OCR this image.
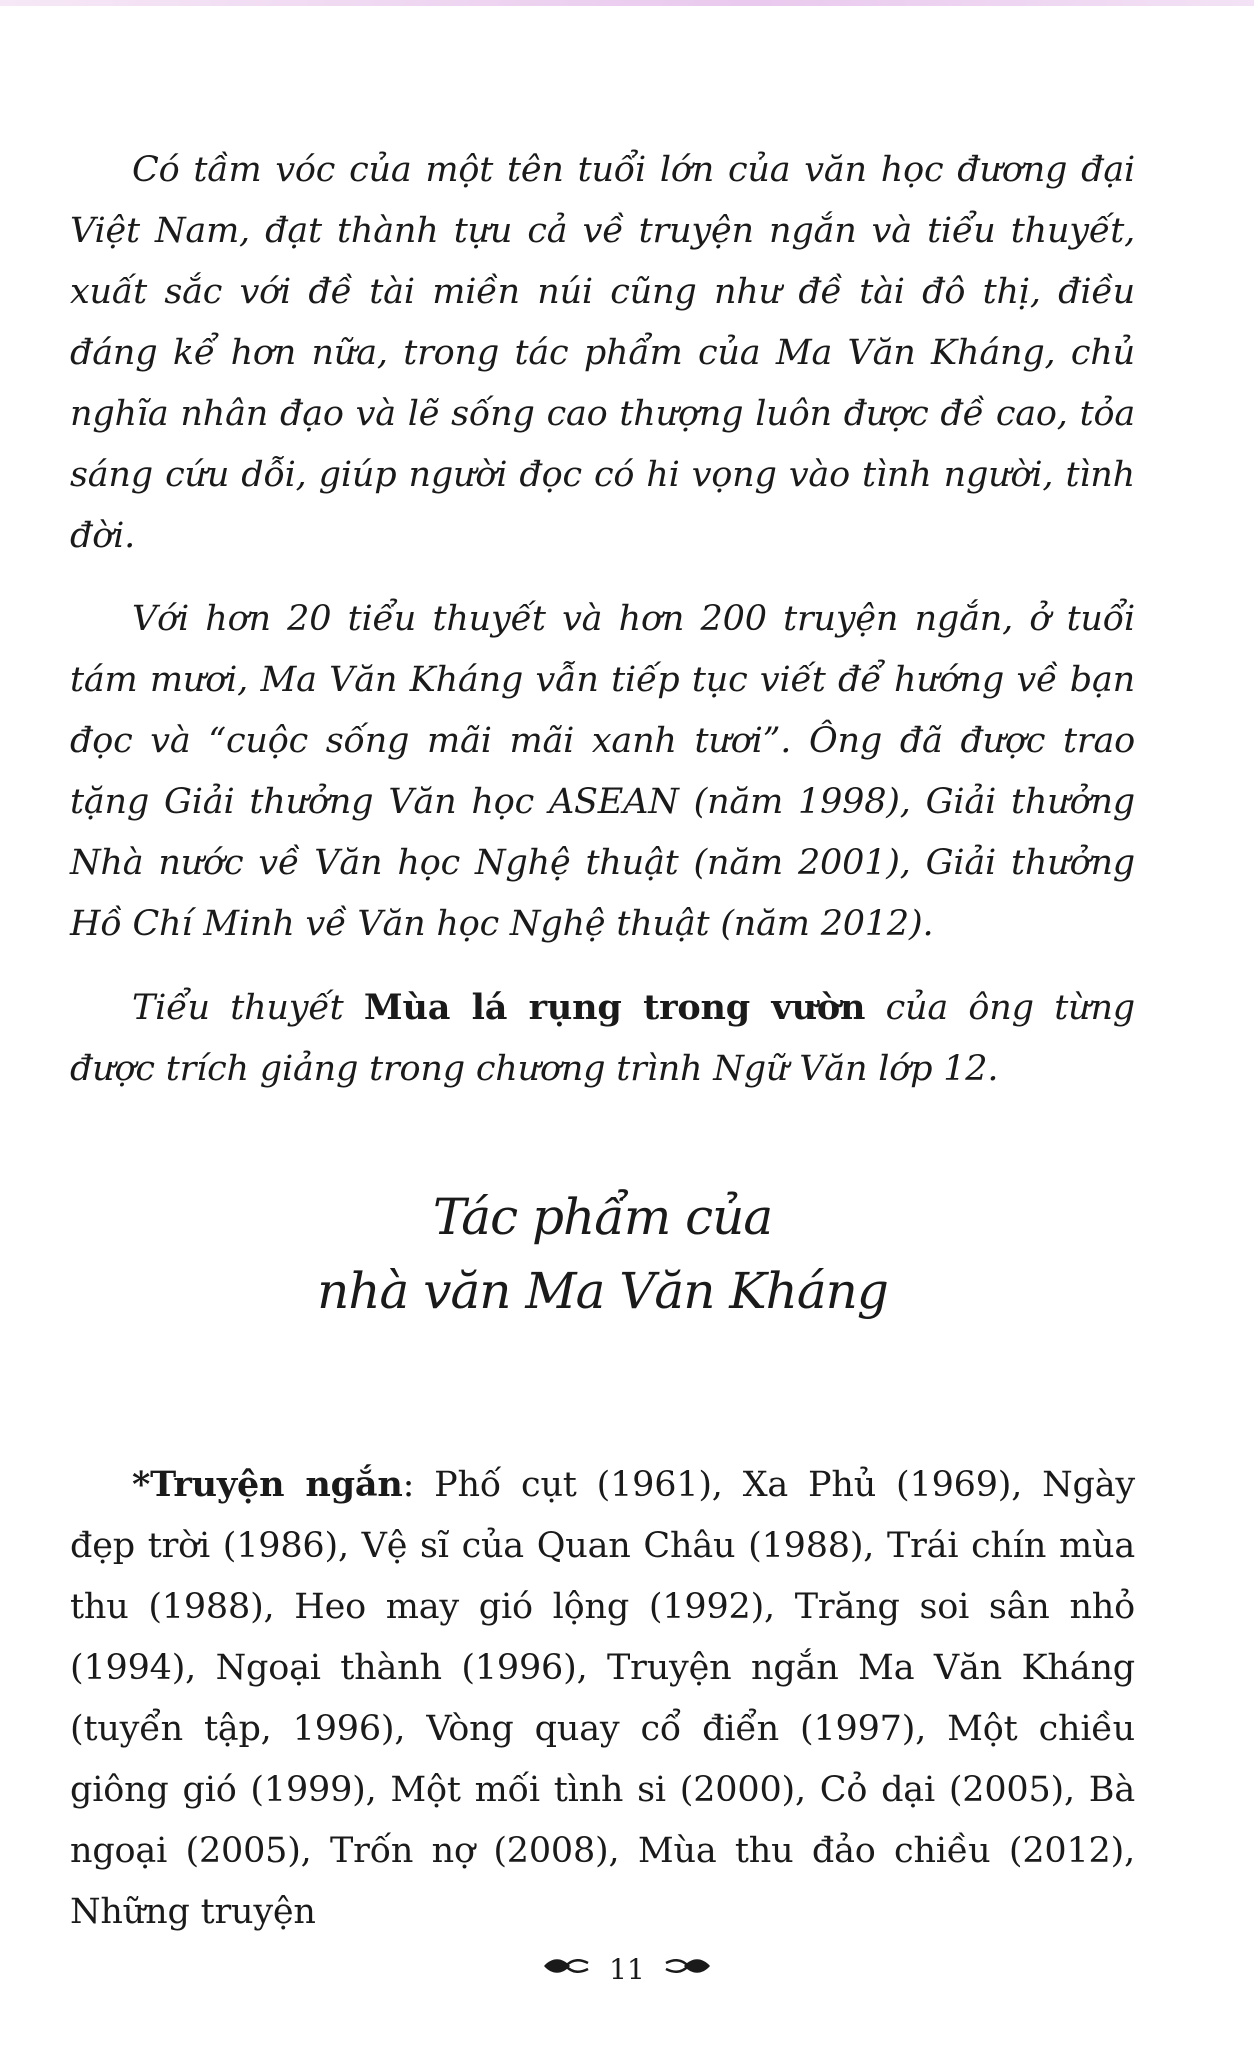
Có tầm vóc của một tên tuổi lớn của văn học đương đại Việt Nam, đạt thành tựu cả về truyện ngắn và tiểu thuyết, xuất sắc với đề tài miền núi cũng như đề tài đô thị, điều đáng kể hơn nữa, trong tác phẩm của Ma Văn Kháng, chủ nghĩa nhân đạo và lẽ sống cao thượng luôn được đề cao, tỏa sáng cứu dỗi, giúp người đọc có hi vọng vào tình người, tình đời.

Với hơn 20 tiểu thuyết và hơn 200 truyện ngắn, ở tuổi tám mươi, Ma Văn Kháng vẫn tiếp tục viết để hướng về bạn đọc và “cuộc sống mãi mãi xanh tươi”. Ông đã được trao tặng Giải thưởng Văn học ASEAN (năm 1998), Giải thưởng Nhà nước về Văn học Nghệ thuật (năm 2001), Giải thưởng Hồ Chí Minh về Văn học Nghệ thuật (năm 2012).

Tiểu thuyết Mùa lá rụng trong vườn của ông từng được trích giảng trong chương trình Ngữ Văn lớp 12.

Tác phẩm của
nhà văn Ma Văn Kháng

*Truyện ngắn: Phố cụt (1961), Xa Phủ (1969), Ngày đẹp trời (1986), Vệ sĩ của Quan Châu (1988), Trái chín mùa thu (1988), Heo may gió lộng (1992), Trăng soi sân nhỏ (1994), Ngoại thành (1996), Truyện ngắn Ma Văn Kháng (tuyển tập, 1996), Vòng quay cổ điển (1997), Một chiều giông gió (1999), Một mối tình si (2000), Cỏ dại (2005), Bà ngoại (2005), Trốn nợ (2008), Mùa thu đảo chiều (2012), Những truyện

11
